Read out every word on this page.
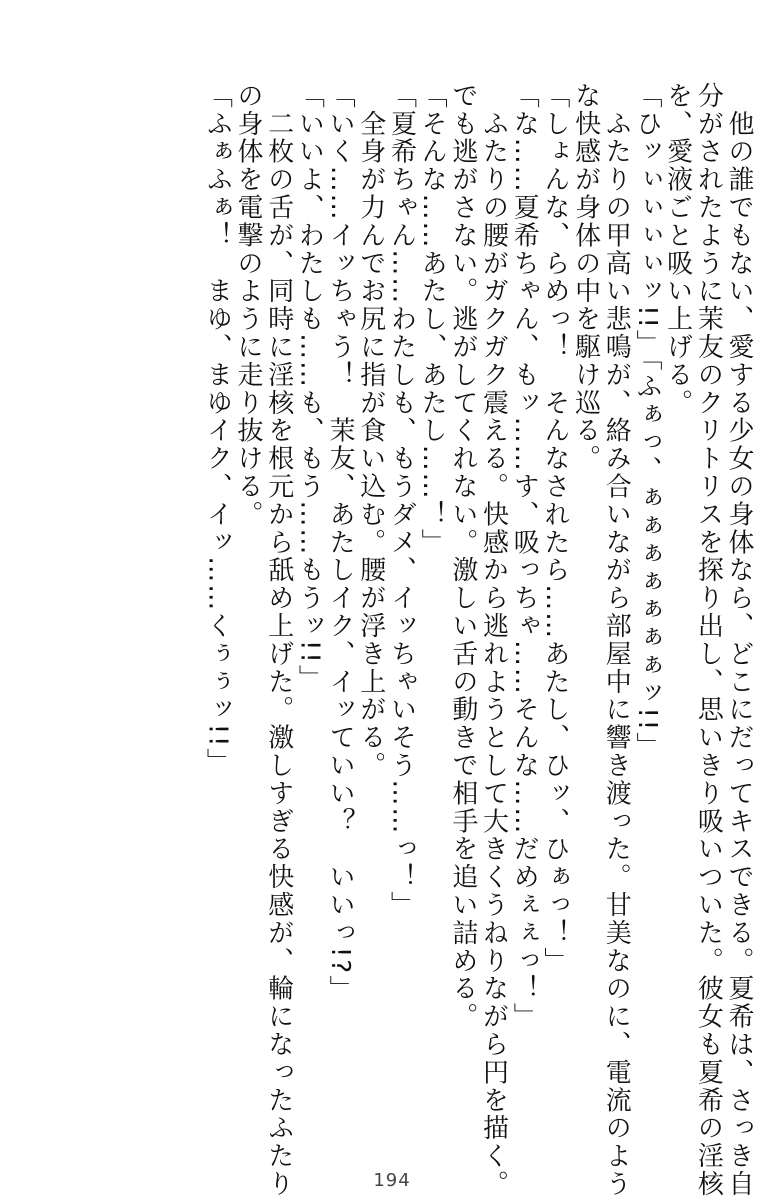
　他の誰でもない、愛する少女の身体なら、どこにだってキスできる。夏希は、さっき自
分がされたように茉友のクリトリスを探り出し、思いきり吸いついた。彼女も夏希の淫核
を、愛液ごと吸い上げる。
「ひッぃぃぃぃッ!!」「ふぁっ、ぁぁぁぁぁぁぁッ!!」
　ふたりの甲高い悲鳴が、絡み合いながら部屋中に響き渡った。甘美なのに、電流のよう
な快感が身体の中を駆け巡る。
「しょんな、らめっ！　そんなされたら……あたし、ひッ、ひぁっ！」
「な……夏希ちゃん、もッ……す、吸っちゃ……そんな……だめぇぇっ！」
　ふたりの腰がガクガク震える。快感から逃れようとして大きくうねりながら円を描く。
でも逃がさない。逃がしてくれない。激しい舌の動きで相手を追い詰める。
「そんな……あたし、あたし……！」
「夏希ちゃん……わたしも、もうダメ、イッちゃいそう……っ！」
　全身が力んでお尻に指が食い込む。腰が浮き上がる。
「いく……イッちゃう！　茉友、あたしイク、イッていい？　いいっ!?」
「いいよ、わたしも……も、もう……もうッ!!」
　二枚の舌が、同時に淫核を根元から舐め上げた。激しすぎる快感が、輪になったふたり
の身体を電撃のように走り抜ける。
「ふぁふぁ！　まゆ、まゆイク、イッ……くぅぅッ!!」
194
